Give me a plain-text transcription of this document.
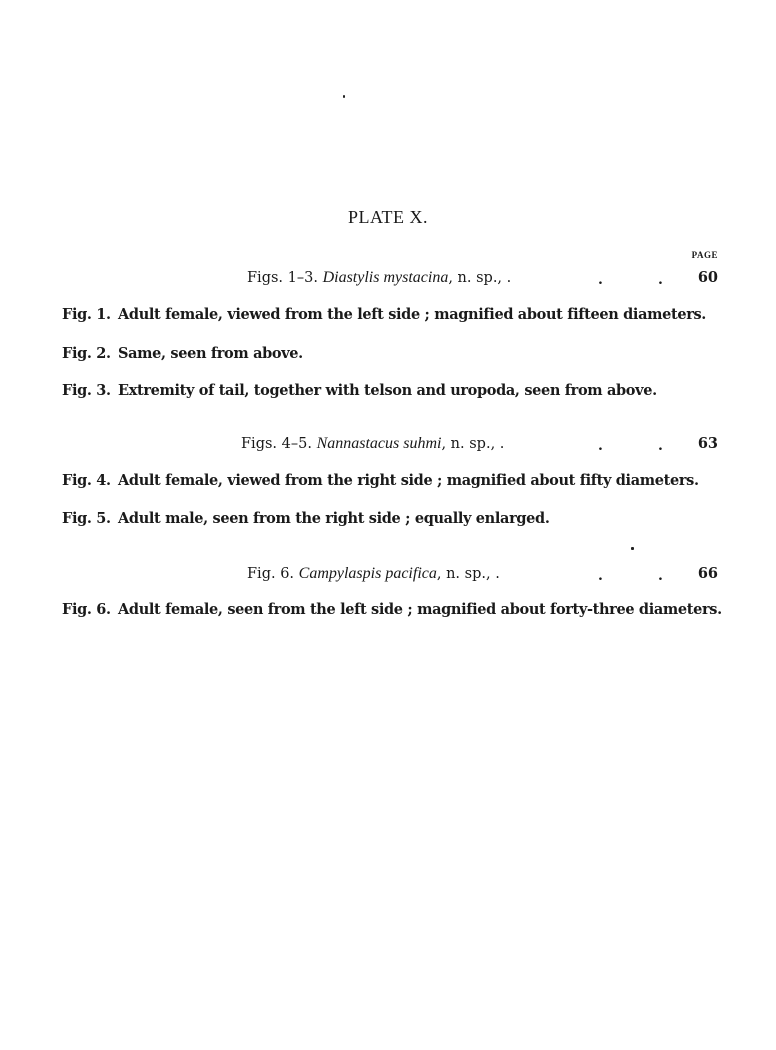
PLATE X.
PAGE
Figs. 1–3. Diastylis mystacina, n. sp., .	.	. 60
Fig. 1. Adult female, viewed from the left side ; magnified about fifteen diameters.
Fig. 2. Same, seen from above.
Fig. 3. Extremity of tail, together with telson and uropoda, seen from above.
Figs. 4–5. Nannastacus suhmi, n. sp., .	.	. 63
Fig. 4. Adult female, viewed from the right side ; magnified about fifty diameters.
Fig. 5. Adult male, seen from the right side ; equally enlarged.
Fig. 6. Campylaspis pacifica, n. sp., .	.	. 66
Fig. 6. Adult female, seen from the left side ; magnified about forty-three diameters.
